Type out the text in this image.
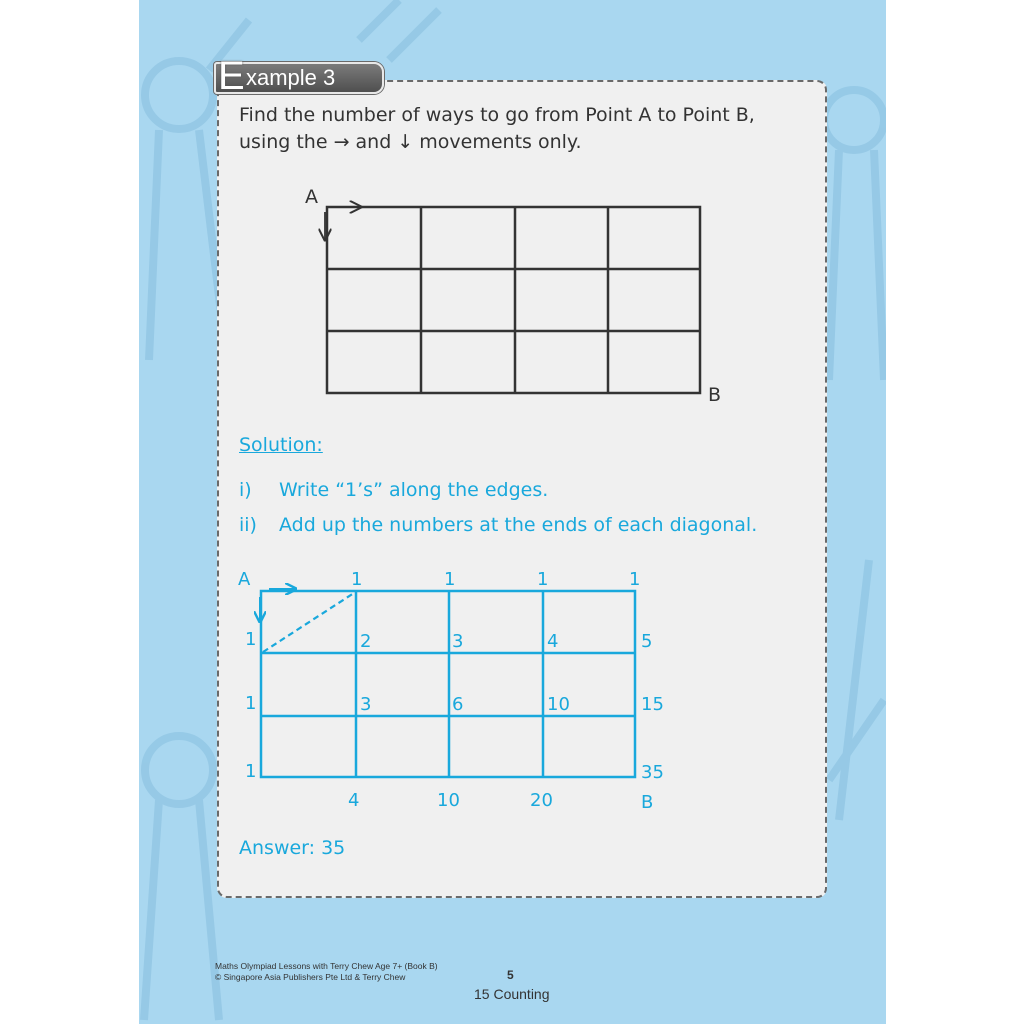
E xample 3
Find the number of ways to go from Point A to Point B,
using the → and ↓ movements only.
A
B
Solution:
i) Write “1’s” along the edges.
ii) Add up the numbers at the ends of each diagonal.
A	1	1	1	1
1
1
1
2	3	4	5
3	6	10	15
4	10	20
35
B
Answer: 35
Maths Olympiad Lessons with Terry Chew Age 7+ (Book B)
© Singapore Asia Publishers Pte Ltd & Terry Chew	5
15 Counting
